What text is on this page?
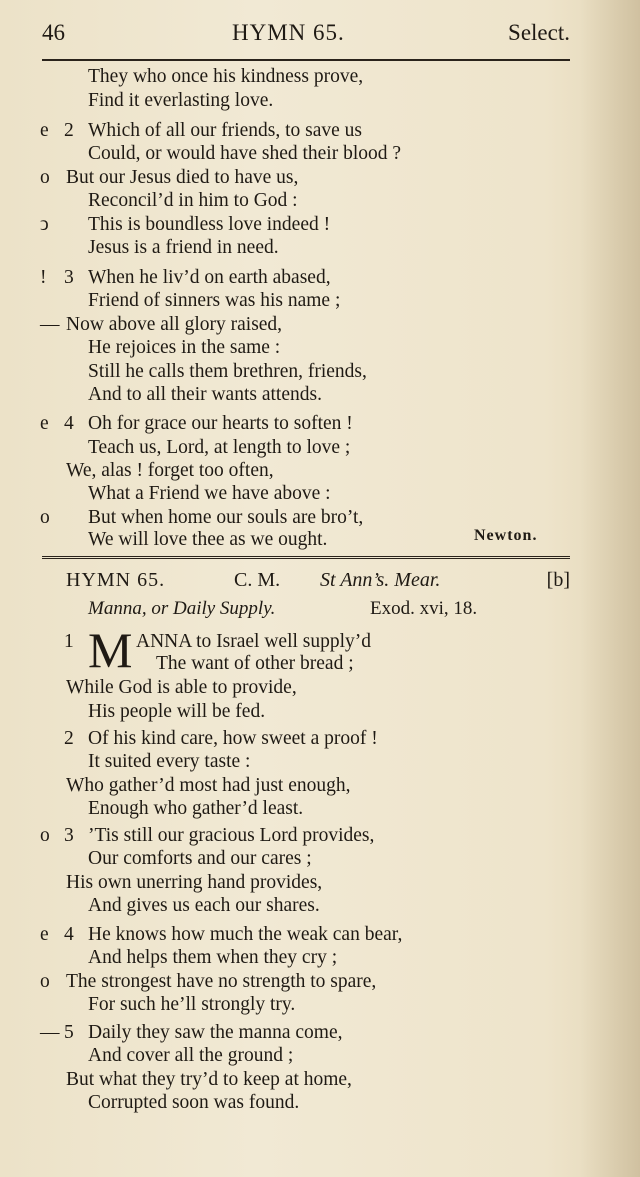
46	HYMN 65.	Select.
They who once his kindness prove,
Find it everlasting love.
e 2 Which of all our friends, to save us
Could, or would have shed their blood ?
o But our Jesus died to have us,
Reconcil’d in him to God :
ↄ	This is boundless love indeed !
Jesus is a friend in need.
! 3 When he liv’d on earth abased,
Friend of sinners was his name ;
— Now above all glory raised,
He rejoices in the same :
Still he calls them brethren, friends,
And to all their wants attends.
e 4 Oh for grace our hearts to soften !
Teach us, Lord, at length to love ;
We, alas ! forget too often,
What a Friend we have above :
o	But when home our souls are bro’t,
We will love thee as we ought.	Newton.
HYMN 65.	C. M. St Ann’s. Mear.	[b]
Manna, or Daily Supply.	Exod. xvi, 18.
M
1	ANNA to Israel well supply’d
The want of other bread ;
While God is able to provide,
His people will be fed.
2 Of his kind care, how sweet a proof !
It suited every taste :
Who gather’d most had just enough,
Enough who gather’d least.
o 3 ’Tis still our gracious Lord provides,
Our comforts and our cares ;
His own unerring hand provides,
And gives us each our shares.
e 4 He knows how much the weak can bear,
And helps them when they cry ;
o The strongest have no strength to spare,
For such he’ll strongly try.
— 5 Daily they saw the manna come,
And cover all the ground ;
But what they try’d to keep at home,
Corrupted soon was found.
